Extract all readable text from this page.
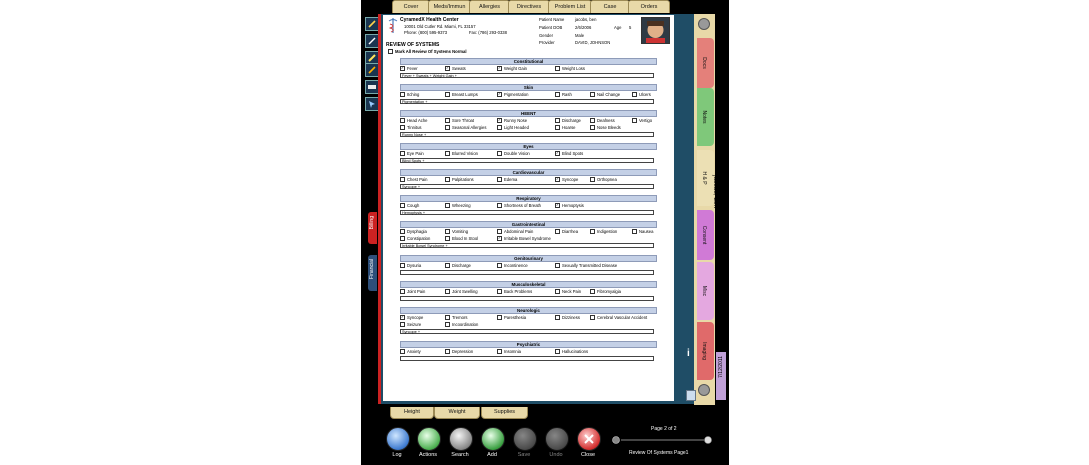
Cover	Meds/Immun	Allergies	Directives	Problem List	Case	Orders
Billing
Financial
Docs
Notes
H & P
Consent
Misc
Imaging
7/12/2011
jacobs, ben
i
CyramedX Health Center
10001 Old Cutler Rd. Miami, FL 33157
Phone: (800) 595-9373	Fax: (786) 293-0338
Patient Name	jacobs, ben
Patient DOB	2/6/2006	Age 5
Gender	Male
Provider	DAVID, JOHNSON
REVIEW OF SYSTEMS
Mark All Review Of Systems Normal
Constitutional
✓ Fever	✓ Sweats	✓ Weight Gain	Weight Loss
Fever + Sweats + Weight Gain +
Skin
Itching	Breast Lumps	✓ Pigmentation	Rash	Nail Change	Ulcers
Pigmentation +
HEENT
Head Ache	Sore Throat	✓ Runny Nose	Discharge	Deafness	Vertigo
Tinnitus	Seasonal Allergies	Light Headed	Hoarse	Nose Bleeds
Runny Nose +
Eyes
Eye Pain	Blurred Vision	Double Vision	✓ Blind Spots
Blind Spots +
Cardiovascular
Chest Pain	Palpitations	Edema	✓ Syncope	Orthopnea
Syncope +
Respiratory
Cough	Wheezing	Shortness of Breath	✓ Hemoptysis
Hemoptysis +
Gastrointestinal
Dysphagia	Vomiting	Abdominal Pain	Diarrhea	Indigestion	Nausea
Constipation	Blood In Stool	✓ Irritable Bowel Syndrome
Irritable Bowel Syndrome +
Genitourinary
Dysuria	Discharge	Incontinence	Sexually Transmitted Disease
Musculoskeletal
Joint Pain	Joint Swelling	Back Problems	Neck Pain	Fibromyalgia
Neurologic
✓ Syncope	Tremors	Paresthesia	Dizziness	Cerebral Vascular Accident
Seizure	Incoordination
Syncope +
Psychiatric
Anxiety	Depression	Insomnia	Hallucinations
Height	Weight	Supplies
Log	Actions	Search	Add	Save	Undo	Close
Page 2 of 2
Review Of Systems Page1
